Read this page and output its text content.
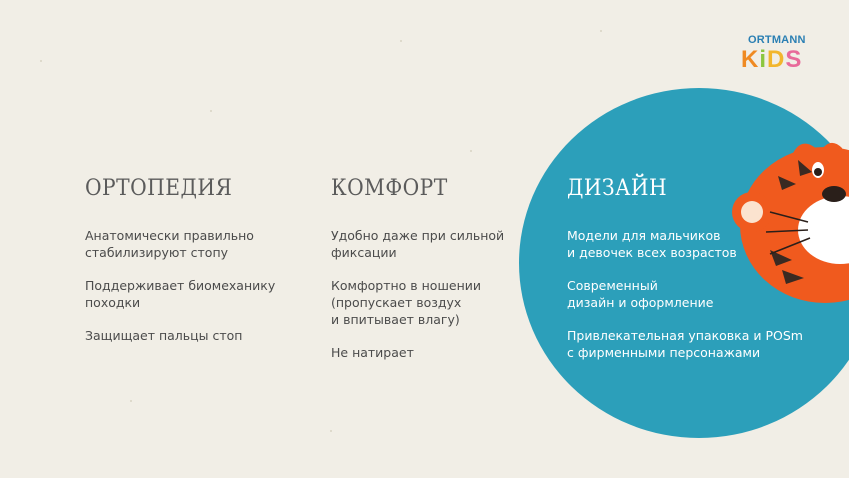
ORTMANN
K i D S
ОРТОПЕДИЯ
Анатомически правильно
стабилизируют стопу
Поддерживает биомеханику
походки
Защищает пальцы стоп
КОМФОРТ
Удобно даже при сильной
фиксации
Комфортно в ношении
(пропускает воздух
и впитывает влагу)
Не натирает
ДИЗАЙН
Модели для мальчиков
и девочек всех возрастов
Современный
дизайн и оформление
Привлекательная упаковка и POSm
с фирменными персонажами
